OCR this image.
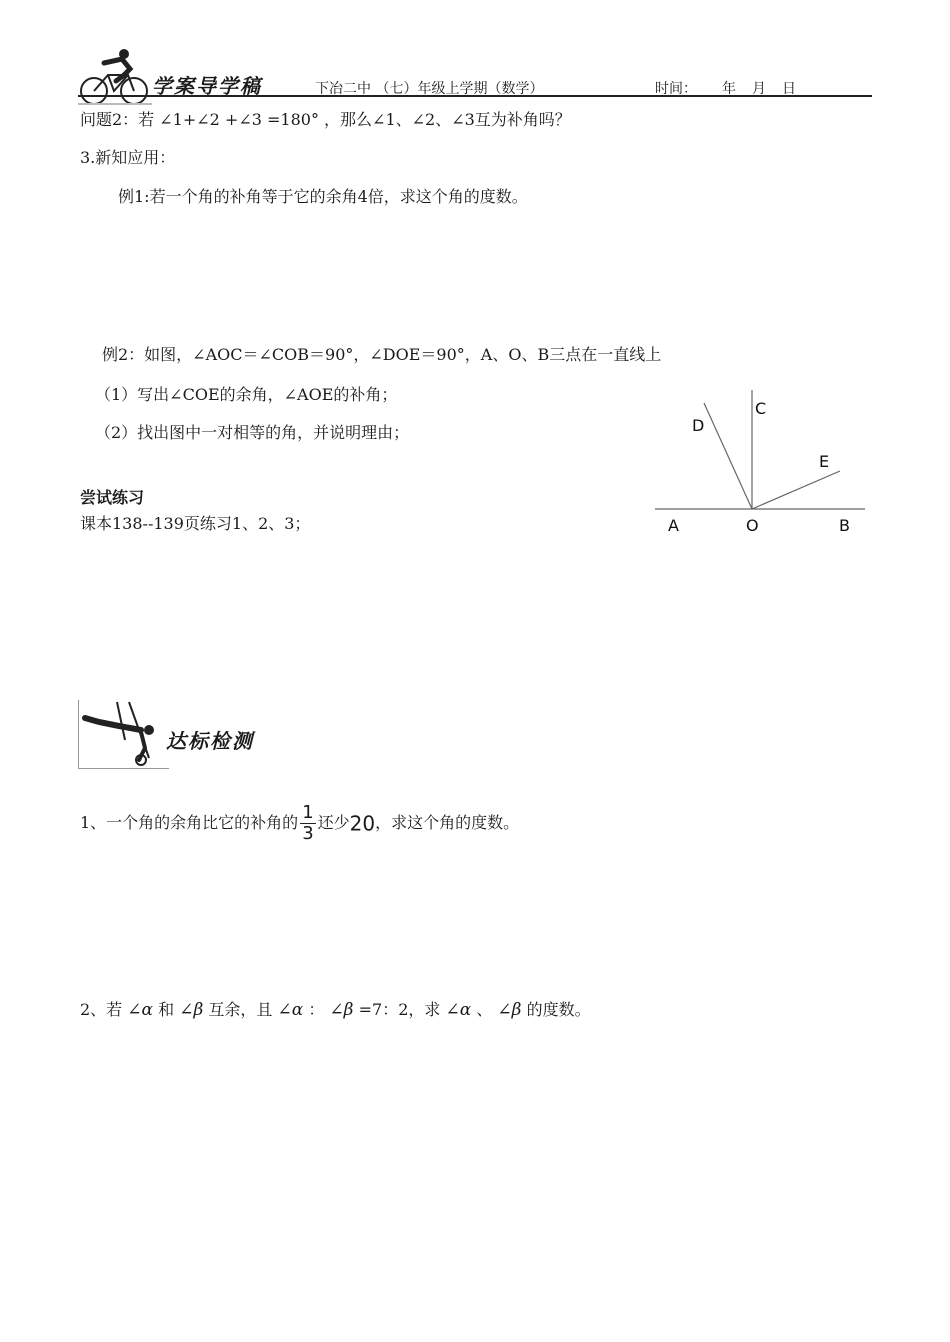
学案导学稿	下冶二中 （七）年级上学期（数学）	时间： 年 月 日
问题2：若 ∠1+∠2 +∠3 =180° ，那么∠1、∠2、∠3互为补角吗？
3.新知应用：
例1:若一个角的补角等于它的余角4倍，求这个角的度数。
例2：如图，∠AOC＝∠COB＝90°，∠DOE＝90°，A、O、B三点在一直线上
（1）写出∠COE的余角，∠AOE的补角；
（2）找出图中一对相等的角，并说明理由；
尝试练习
课本138--139页练习1、2、3；	A	O	B
C
D
E
达标检测
1、一个角的余角比它的补角的 $\frac{1}{3}$ 还少20，求这个角的度数。
2、若 ∠α 和 ∠β 互余，且 ∠α ： ∠β =7：2，求 ∠α 、 ∠β 的度数。
